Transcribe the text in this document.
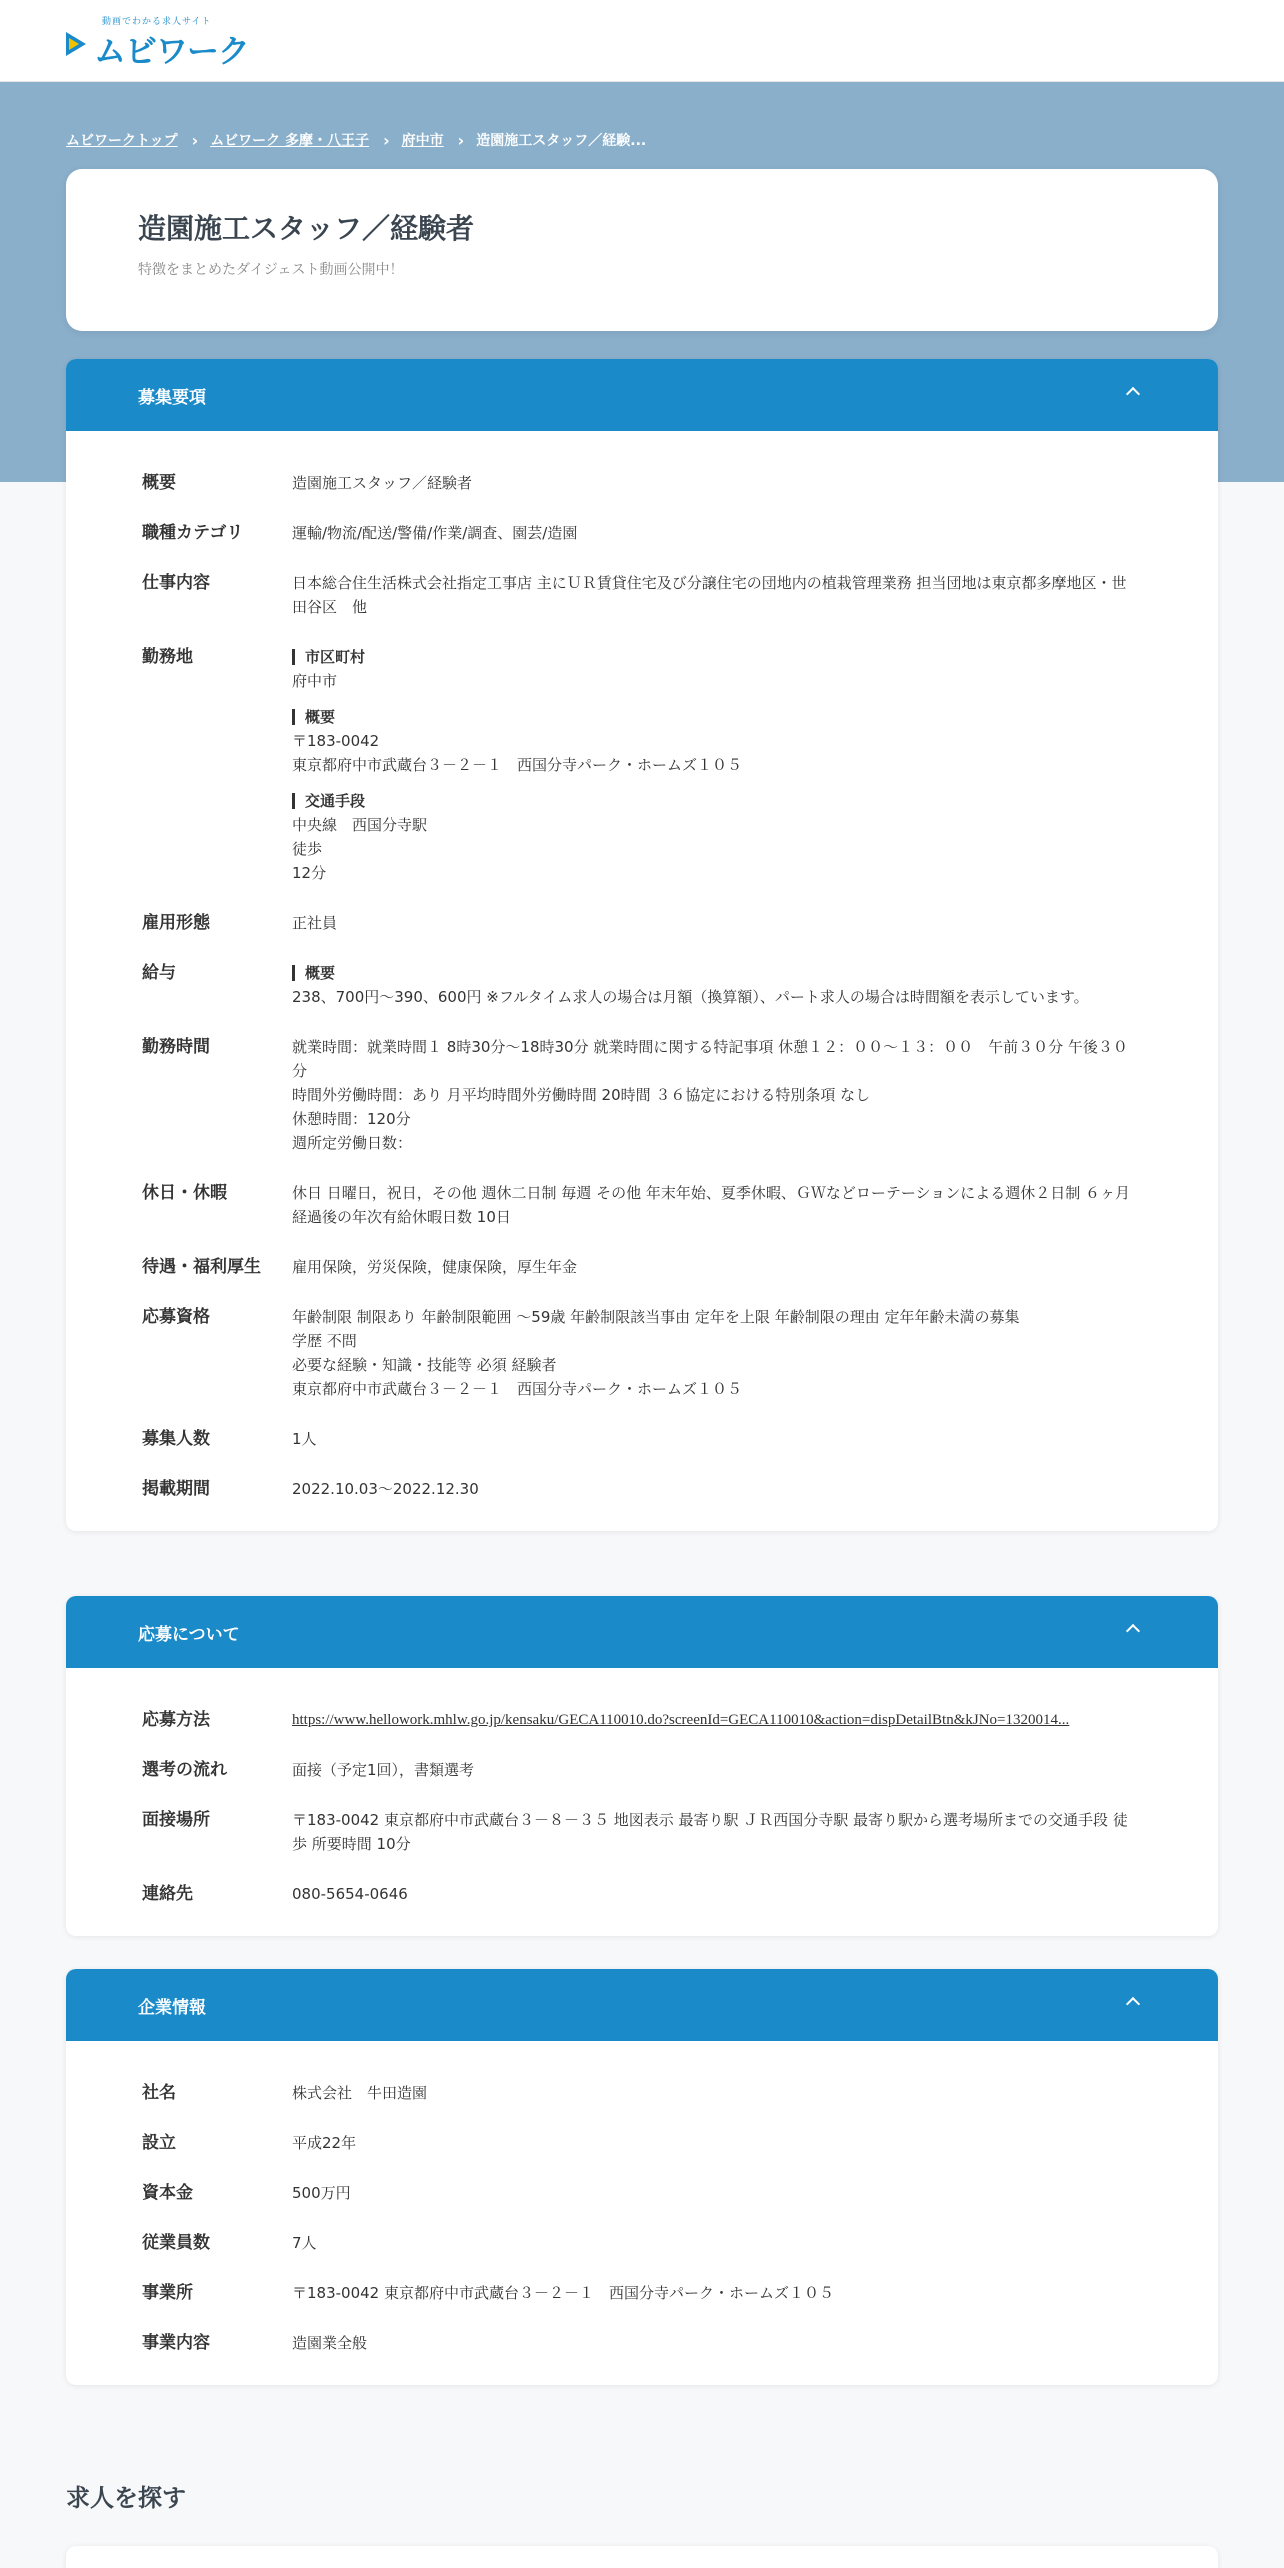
動画でわかる求人サイト
ムビワーク
ムビワークトップ › ムビワーク 多摩・八王子 › 府中市 › 造園施工スタッフ／経験...
造園施工スタッフ／経験者

特徴をまとめたダイジェスト動画公開中！

募集要項
概要	造園施工スタッフ／経験者
職種カテゴリ	運輸/物流/配送/警備/作業/調査、園芸/造園
仕事内容	日本総合住生活株式会社指定工事店 主にＵＲ賃貸住宅及び分譲住宅の団地内の植栽管理業務 担当団地は東京都多摩地区・世田谷区　他
勤務地	市区町村
府中市
概要
〒183-0042
東京都府中市武蔵台３－２－１　西国分寺パーク・ホームズ１０５
交通手段
中央線　西国分寺駅
徒歩
12分
雇用形態	正社員
給与	概要
238、700円〜390、600円 ※フルタイム求人の場合は月額（換算額）、パート求人の場合は時間額を表示しています。
勤務時間	就業時間：就業時間１ 8時30分〜18時30分 就業時間に関する特記事項 休憩１２：００～１３：００　午前３０分 午後３０分
時間外労働時間：あり 月平均時間外労働時間 20時間 ３６協定における特別条項 なし
休憩時間：120分
週所定労働日数：
休日・休暇	休日 日曜日，祝日，その他 週休二日制 毎週 その他 年末年始、夏季休暇、ＧＷなどローテーションによる週休２日制 ６ヶ月経過後の年次有給休暇日数 10日
待遇・福利厚生	雇用保険，労災保険，健康保険，厚生年金
応募資格	年齢制限 制限あり 年齢制限範囲 〜59歳 年齢制限該当事由 定年を上限 年齢制限の理由 定年年齢未満の募集
学歴 不問
必要な経験・知識・技能等 必須 経験者
東京都府中市武蔵台３－２－１　西国分寺パーク・ホームズ１０５
募集人数	1人
掲載期間	2022.10.03～2022.12.30
応募について
応募方法	https://www.hellowork.mhlw.go.jp/kensaku/GECA110010.do?screenId=GECA110010&action=dispDetailBtn&kJNo=1320014...
選考の流れ	面接（予定1回），書類選考
面接場所	〒183-0042 東京都府中市武蔵台３－８－３５ 地図表示 最寄り駅 ＪＲ西国分寺駅 最寄り駅から選考場所までの交通手段 徒歩 所要時間 10分
連絡先	080-5654-0646
企業情報
社名	株式会社　牛田造園
設立	平成22年
資本金	500万円
従業員数	7人
事業所	〒183-0042 東京都府中市武蔵台３－２－１　西国分寺パーク・ホームズ１０５
事業内容	造園業全般
求人を探す
